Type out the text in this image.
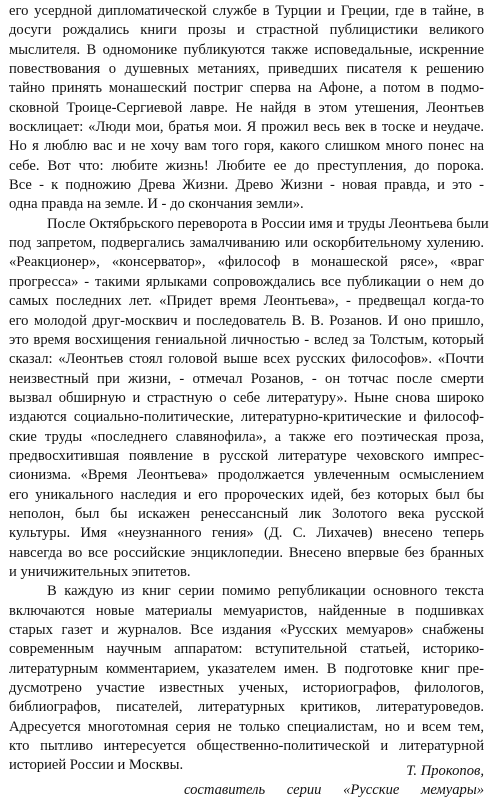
его усердной дипломатической службе в Турции и Греции, где в тайне, в
досуги рождались книги прозы и страстной публицистики великого
мыслителя. В одномонике публикуются также исповедальные, искренние
повествования о душевных метаниях, приведших писателя к решению
тайно принять монашеский постриг сперва на Афоне, а потом в подмо-
сковной Троице-Сергиевой лавре. Не найдя в этом утешения, Леонтьев
восклицает: «Люди мои, братья мои. Я прожил весь век в тоске и неудаче.
Но я люблю вас и не хочу вам того горя, какого слишком много понес на
себе. Вот что: любите жизнь! Любите ее до преступления, до порока.
Все - к подножию Древа Жизни. Древо Жизни - новая правда, и это -
одна правда на земле. И - до скончания земли».
После Октябрьского переворота в России имя и труды Леонтьева были
под запретом, подвергались замалчиванию или оскорбительному хулению.
«Реакционер», «консерватор», «философ в монашеской рясе», «враг
прогресса» - такими ярлыками сопровождались все публикации о нем до
самых последних лет. «Придет время Леонтьева», - предвещал когда-то
его молодой друг-москвич и последователь В. В. Розанов. И оно пришло,
это время восхищения гениальной личностью - вслед за Толстым, который
сказал: «Леонтьев стоял головой выше всех русских философов». «Почти
неизвестный при жизни, - отмечал Розанов, - он тотчас после смерти
вызвал обширную и страстную о себе литературу». Ныне снова широко
издаются социально-политические, литературно-критические и философ-
ские труды «последнего славянофила», а также его поэтическая проза,
предвосхитившая появление в русской литературе чеховского импрес-
сионизма. «Время Леонтьева» продолжается увлеченным осмыслением
его уникального наследия и его пророческих идей, без которых был бы
неполон, был бы искажен ренессансный лик Золотого века русской
культуры. Имя «неузнанного гения» (Д. С. Лихачев) внесено теперь
навсегда во все российские энциклопедии. Внесено впервые без бранных
и уничижительных эпитетов.
В каждую из книг серии помимо републикации основного текста
включаются новые материалы мемуаристов, найденные в подшивках
старых газет и журналов. Все издания «Русских мемуаров» снабжены
современным научным аппаратом: вступительной статьей, историко-
литературным комментарием, указателем имен. В подготовке книг пре-
дусмотрено участие известных ученых, историографов, филологов,
библиографов, писателей, литературных критиков, литературоведов.
Адресуется многотомная серия не только специалистам, но и всем тем,
кто пытливо интересуется общественно-политической и литературной
историей России и Москвы.	Т. Прокопов,
составитель серии «Русские мемуары»
